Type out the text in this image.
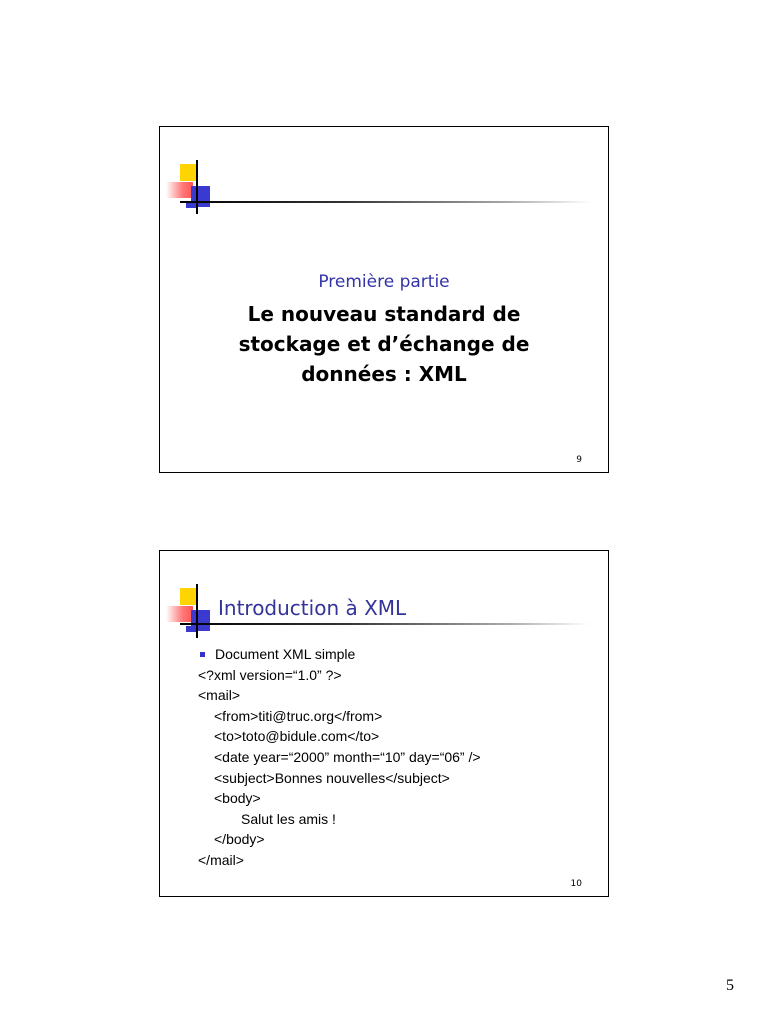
Première partie
Le nouveau standard de
stockage et d’échange de
données : XML
9
Introduction à XML
Document XML simple
<?xml version=“1.0” ?>
<mail>
<from>titi@truc.org</from>
<to>toto@bidule.com</to>
<date year=“2000” month=“10” day=“06” />
<subject>Bonnes nouvelles</subject>
<body>
Salut les amis !
</body>
</mail>
10
5
